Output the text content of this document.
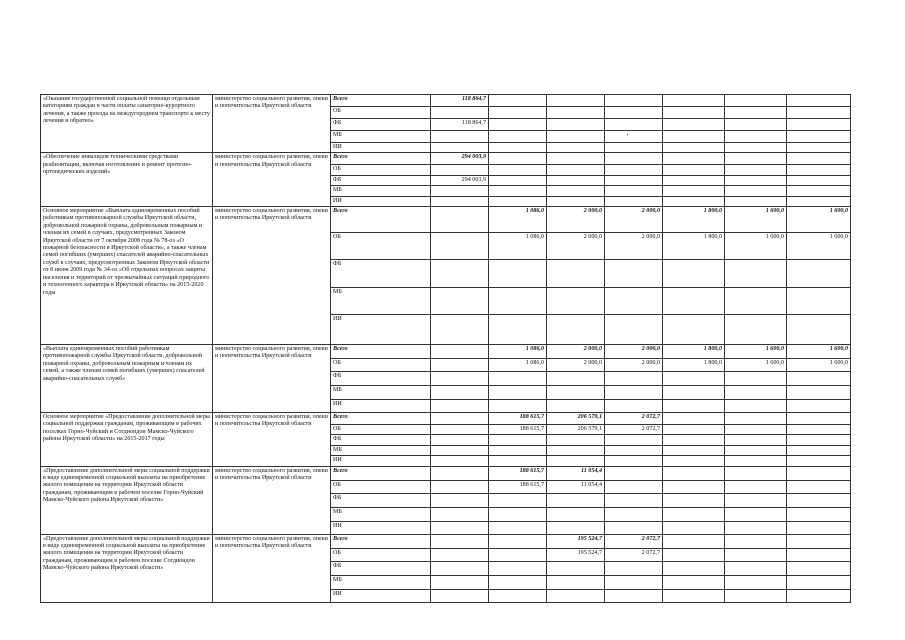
«Оказание государственной социальной помощи отдельным категориям граждан в части оплаты санаторно-курортного лечения, а также проезда на междугороднем транспорте к месту лечения и обратно»	министерство социального развития, опеки и попечительства Иркутской области	Всего	118 864,7						
		ОБ							
		ФБ	118 864,7						
		МБ							
		ИИ							
«Обеспечение инвалидов техническими средствами реабилитации, включая изготовление и ремонт протезно-ортопедических изделий»	министерство социального развития, опеки и попечительства Иркутской области	Всего	294 003,9						
		ОБ							
		ФБ	294 003,9						
		МБ							
		ИИ							
Основное мероприятие «Выплата единовременных пособий работникам противопожарной службы Иркутской области, добровольной пожарной охраны, добровольным пожарным и членам их семей в случаях, предусмотренных Законом Иркутской области от 7 октября 2008 года № 78-оз «О пожарной безопасности в Иркутской области», а также членам семей погибших (умерших) спасателей аварийно-спасательных служб в случаях, предусмотренных Законом Иркутской области от 8 июня 2009 года № 34-оз «Об отдельных вопросах защиты населения и территорий от чрезвычайных ситуаций природного и техногенного характера в Иркутской области» на 2015-2020 годы	министерство социального развития, опеки и попечительства Иркутской области	Всего		1 086,0	2 000,0	2 000,0	1 800,0	1 600,0	1 600,0
		ОБ		1 086,0	2 000,0	2 000,0	1 800,0	1 600,0	1 600,0
		ФБ							
		МБ							
		ИИ							
«Выплата единовременных пособий работникам противопожарной службы Иркутской области, добровольной пожарной охраны, добровольным пожарным и членам их семей, а также членам семей погибших (умерших) спасателей аварийно-спасательных служб»	министерство социального развития, опеки и попечительства Иркутской области	Всего		1 086,0	2 000,0	2 000,0	1 800,0	1 600,0	1 600,0
		ОБ		1 086,0	2 000,0	2 000,0	1 800,0	1 600,0	1 600,0
		ФБ							
		МБ							
		ИИ							
Основное мероприятие «Предоставление дополнительной меры социальной поддержки гражданам, проживающим в рабочих поселках Горно-Чуйский и Согдиондон Мамско-Чуйского района Иркутской области» на 2015-2017 годы	министерство социального развития, опеки и попечительства Иркутской области	Всего		188 615,7	206 579,1	2 072,7			
		ОБ		188 615,7	206 579,1	2 072,7			
		ФБ							
		МБ							
		ИИ							
«Предоставление дополнительной меры социальной поддержки в виде единовременной социальной выплаты на приобретение жилого помещения на территории Иркутской области гражданам, проживающим в рабочем поселке Горно-Чуйский Мамско-Чуйского района Иркутской области»	министерство социального развития, опеки и попечительства Иркутской области	Всего		188 615,7	11 054,4				
		ОБ		188 615,7	11 054,4				
		ФБ							
		МБ							
		ИИ							
«Предоставление дополнительной меры социальной поддержки в виде единовременной социальной выплаты на приобретение жилого помещения на территории Иркутской области гражданам, проживающим в рабочем поселке Согдиондон Мамско-Чуйского района Иркутской области»	министерство социального развития, опеки и попечительства Иркутской области	Всего			195 524,7	2 072,7			
		ОБ			195 524,7	2 072,7			
		ФБ							
		МБ							
		ИИ							
